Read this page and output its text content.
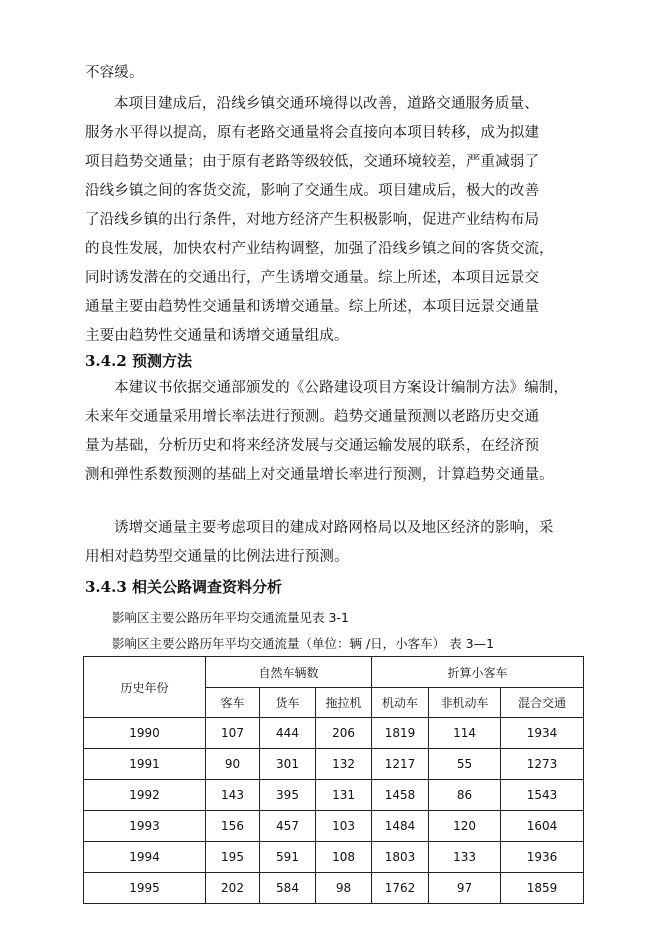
不容缓。
本项目建成后，沿线乡镇交通环境得以改善，道路交通服务质量、
服务水平得以提高，原有老路交通量将会直接向本项目转移，成为拟建
项目趋势交通量；由于原有老路等级较低，交通环境较差，严重减弱了
沿线乡镇之间的客货交流，影响了交通生成。项目建成后，极大的改善
了沿线乡镇的出行条件，对地方经济产生积极影响，促进产业结构布局
的良性发展，加快农村产业结构调整，加强了沿线乡镇之间的客货交流，
同时诱发潜在的交通出行，产生诱增交通量。综上所述，本项目远景交
通量主要由趋势性交通量和诱增交通量。综上所述，本项目远景交通量
主要由趋势性交通量和诱增交通量组成。
3.4.2 预测方法
本建议书依据交通部颁发的《公路建设项目方案设计编制方法》编制，
未来年交通量采用增长率法进行预测。趋势交通量预测以老路历史交通
量为基础，分析历史和将来经济发展与交通运输发展的联系，在经济预
测和弹性系数预测的基础上对交通量增长率进行预测，计算趋势交通量。
诱增交通量主要考虑项目的建成对路网格局以及地区经济的影响，采
用相对趋势型交通量的比例法进行预测。
3.4.3 相关公路调查资料分析
影响区主要公路历年平均交通流量见表 3-1
影响区主要公路历年平均交通流量（单位：辆 /日，小客车） 表 3—1
历史年份	自然车辆数			折算小客车		
	客车	货车	拖拉机	机动车	非机动车	混合交通
1990	107	444	206	1819	114	1934
1991	90	301	132	1217	55	1273
1992	143	395	131	1458	86	1543
1993	156	457	103	1484	120	1604
1994	195	591	108	1803	133	1936
1995	202	584	98	1762	97	1859
